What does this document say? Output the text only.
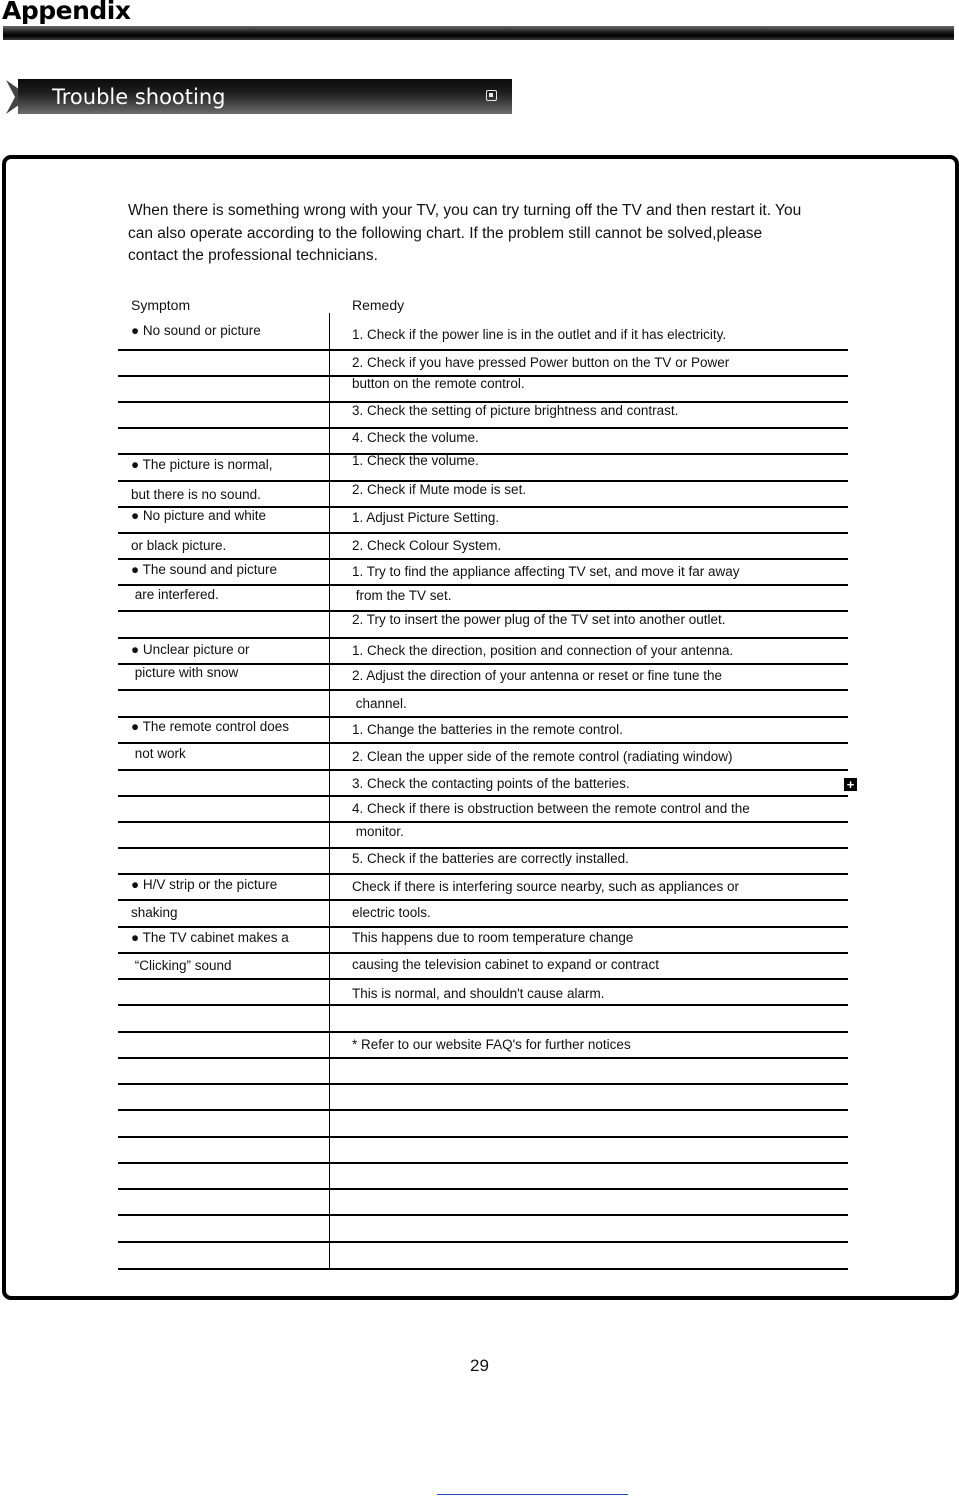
Appendix
Trouble shooting
When there is something wrong with your TV, you can try turning off the TV and then restart it. You
can also operate according to the following chart. If the problem still cannot be solved,please
contact the professional technicians.
Symptom	Remedy
● No sound or picture
● The picture is normal,
but there is no sound.
● No picture and white
or black picture.
● The sound and picture
are interfered.
● Unclear picture or
picture with snow
● The remote control does
not work
● H/V strip or the picture
shaking
● The TV cabinet makes a
“Clicking” sound
1. Check if the power line is in the outlet and if it has electricity.
2. Check if you have pressed Power button on the TV or Power
button on the remote control.
3. Check the setting of picture brightness and contrast.
4. Check the volume.
1. Check the volume.
2. Check if Mute mode is set.
1. Adjust Picture Setting.
2. Check Colour System.
1. Try to find the appliance affecting TV set, and move it far away
from the TV set.
2. Try to insert the power plug of the TV set into another outlet.
1. Check the direction, position and connection of your antenna.
2. Adjust the direction of your antenna or reset or fine tune the
channel.
1. Change the batteries in the remote control.
2. Clean the upper side of the remote control (radiating window)
3. Check the contacting points of the batteries.
4. Check if there is obstruction between the remote control and the
monitor.
5. Check if the batteries are correctly installed.
Check if there is interfering source nearby, such as appliances or
electric tools.
This happens due to room temperature change
causing the television cabinet to expand or contract
This is normal, and shouldn't cause alarm.
* Refer to our website FAQ's for further notices
+
29
